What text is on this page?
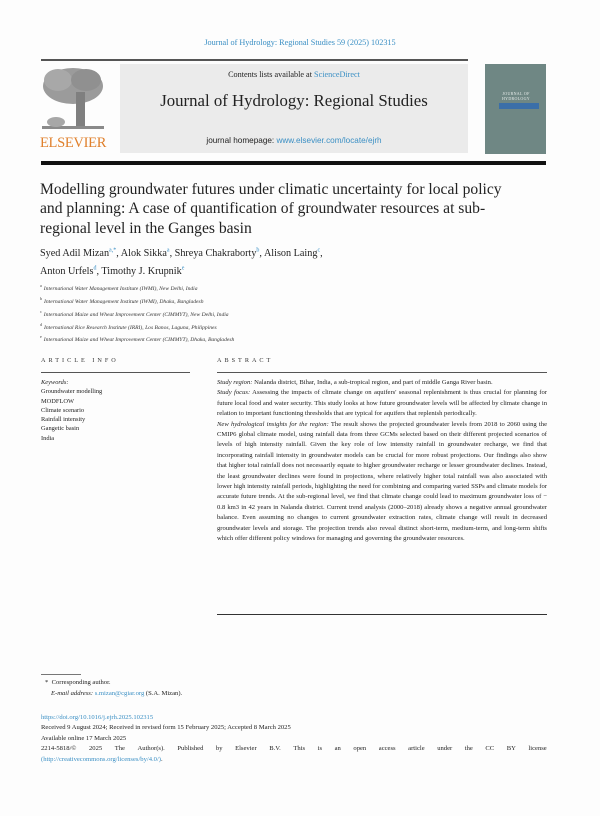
Journal of Hydrology: Regional Studies 59 (2025) 102315
ELSEVIER
Contents lists available at ScienceDirect
Journal of Hydrology: Regional Studies
journal homepage: www.elsevier.com/locate/ejrh
JOURNAL OF HYDROLOGY
Modelling groundwater futures under climatic uncertainty for local policy and planning: A case of quantification of groundwater resources at sub-regional level in the Ganges basin
Syed Adil Mizan$^{a,*}$, Alok Sikka$^a$, Shreya Chakraborty$^b$, Alison Laing$^c$,
Anton Urfels$^d$, Timothy J. Krupnik$^e$
$^a$International Water Management Institute (IWMI), New Delhi, India
$^b$International Water Management Institute (IWMI), Dhaka, Bangladesh
$^c$International Maize and Wheat Improvement Center (CIMMYT), New Delhi, India
$^d$International Rice Research Institute (IRRI), Los Banos, Laguna, Philippines
$^e$International Maize and Wheat Improvement Center (CIMMYT), Dhaka, Bangladesh
ARTICLE INFO
Keywords:
Groundwater modelling
MODFLOW
Climate scenario
Rainfall intensity
Gangetic basin
India
ABSTRACT

Study region: Nalanda district, Bihar, India, a sub-tropical region, and part of middle Ganga River basin.

Study focus: Assessing the impacts of climate change on aquifers' seasonal replenishment is thus crucial for planning for future local food and water security. This study looks at how future groundwater levels will be affected by climate change in relation to important functioning thresholds that are typical for aquifers that replenish periodically.

New hydrological insights for the region: The result shows the projected groundwater levels from 2018 to 2060 using the CMIP6 global climate model, using rainfall data from three GCMs selected based on their different projected scenarios of levels of high intensity rainfall. Given the key role of low intensity rainfall in groundwater recharge, we find that incorporating rainfall intensity in groundwater models can be crucial for more robust projections. Our findings also show that higher total rainfall does not necessarily equate to higher groundwater recharge or lesser groundwater declines. Instead, the least groundwater declines were found in projections, where relatively higher total rainfall was also associated with lower high intensity rainfall periods, highlighting the need for combining and comparing varied SSPs and climate models for accurate future trends. At the sub-regional level, we find that climate change could lead to maximum groundwater loss of − 0.8 km3 in 42 years in Nalanda district. Current trend analysis (2000–2018) already shows a negative annual groundwater balance. Even assuming no changes to current groundwater extraction rates, climate change will result in decreased groundwater levels and storage. The projection trends also reveal distinct short-term, medium-term, and long-term shifts which offer different policy windows for managing and governing the groundwater resources.

* Corresponding author.
E-mail address: s.mizan@cgiar.org (S.A. Mizan).
https://doi.org/10.1016/j.ejrh.2025.102315
Received 9 August 2024; Received in revised form 15 February 2025; Accepted 8 March 2025
Available online 17 March 2025
2214-5818/© 2025 The Author(s). Published by Elsevier B.V. This is an open access article under the CC BY license
(http://creativecommons.org/licenses/by/4.0/).
